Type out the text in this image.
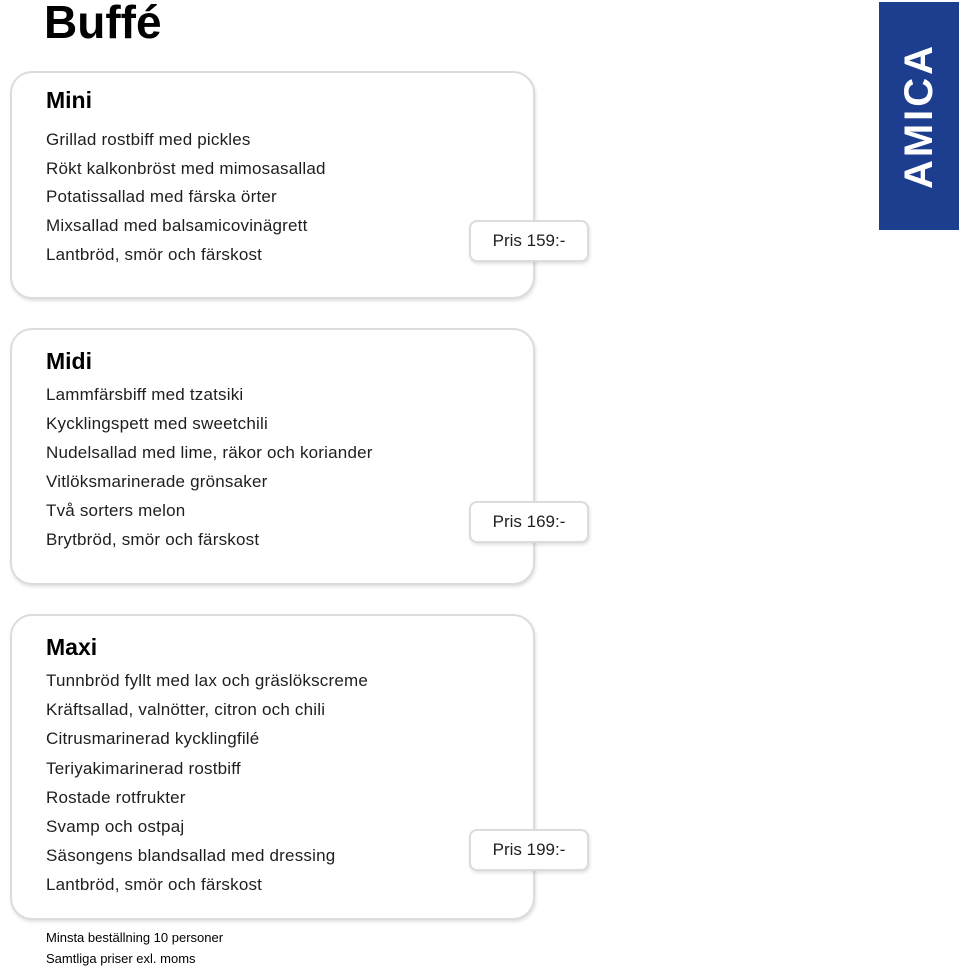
Buffé
AMICA
Mini
Grillad rostbiff med pickles
Rökt kalkonbröst med mimosasallad
Potatissallad med färska örter
Mixsallad med balsamicovinägrett
Lantbröd, smör och färskost
Pris 159:-
Midi
Lammfärsbiff med tzatsiki
Kycklingspett med sweetchili
Nudelsallad med lime, räkor och koriander
Vitlöksmarinerade grönsaker
Två sorters melon
Brytbröd, smör och färskost
Pris 169:-
Maxi
Tunnbröd fyllt med lax och gräslökscreme
Kräftsallad, valnötter, citron och chili
Citrusmarinerad kycklingfilé
Teriyakimarinerad rostbiff
Rostade rotfrukter
Svamp och ostpaj
Säsongens blandsallad med dressing
Lantbröd, smör och färskost
Pris 199:-
Minsta beställning 10 personer
Samtliga priser exl. moms
